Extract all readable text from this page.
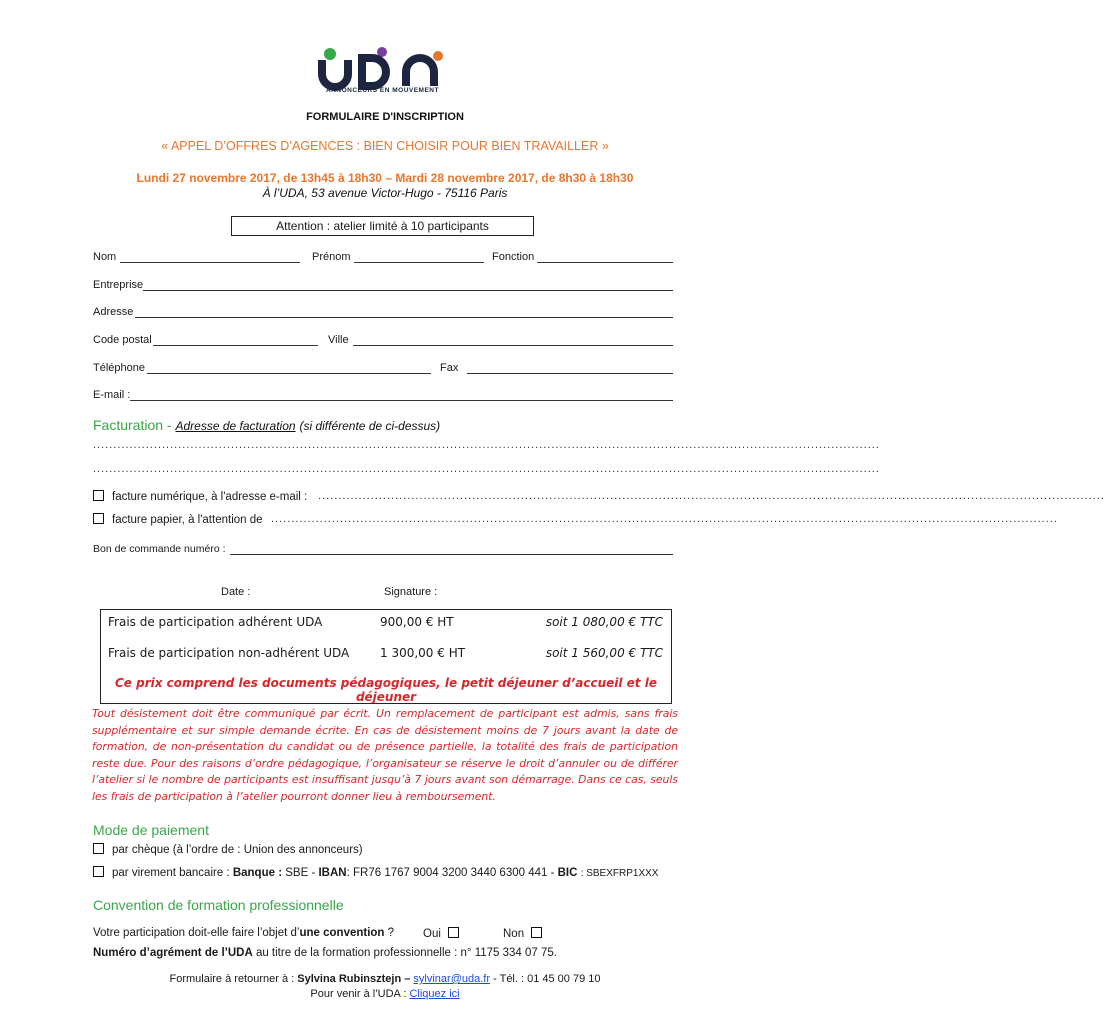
ANNONCEURS EN MOUVEMENT
FORMULAIRE D'INSCRIPTION
« APPEL D’OFFRES D’AGENCES : BIEN CHOISIR POUR BIEN TRAVAILLER »
Lundi 27 novembre 2017, de 13h45 à 18h30 – Mardi 28 novembre 2017, de 8h30 à 18h30
À l’UDA, 53 avenue Victor-Hugo - 75116 Paris
Attention : atelier limité à 10 participants
Nom	Prénom	Fonction
Entreprise
Adresse
Code postal	Ville
Téléphone	Fax
E-mail :
Facturation - Adresse de facturation (si différente de ci-dessus)
..................................................................................................................................................................................................
..................................................................................................................................................................................................
facture numérique, à l'adresse e-mail : ..................................................................................................................................................................................................
facture papier, à l'attention de ..................................................................................................................................................................................................
Bon de commande numéro :
Date :	Signature :
Frais de participation adhérent UDA	900,00 € HT	soit 1 080,00 € TTC
Frais de participation non-adhérent UDA	1 300,00 € HT	soit 1 560,00 € TTC
Ce prix comprend les documents pédagogiques, le petit déjeuner d’accueil et le déjeuner
Tout désistement doit être communiqué par écrit. Un remplacement de participant est admis, sans frais supplémentaire et sur simple demande écrite. En cas de désistement moins de 7 jours avant la date de formation, de non-présentation du candidat ou de présence partielle, la totalité des frais de participation reste due. Pour des raisons d’ordre pédagogique, l’organisateur se réserve le droit d’annuler ou de différer l’atelier si le nombre de participants est insuffisant jusqu’à 7 jours avant son démarrage. Dans ce cas, seuls les frais de participation à l’atelier pourront donner lieu à remboursement.
Mode de paiement
par chèque (à l’ordre de : Union des annonceurs)
par virement bancaire : Banque : SBE - IBAN: FR76 1767 9004 3200 3440 6300 441 - BIC : SBEXFRP1XXX
Convention de formation professionnelle
Votre participation doit-elle faire l’objet d’une convention ?	Oui	Non
Numéro d’agrément de l’UDA au titre de la formation professionnelle : n° 1175 334 07 75.
Formulaire à retourner à : Sylvina Rubinsztejn – sylvinar@uda.fr - Tél. : 01 45 00 79 10
Pour venir à l’UDA : Cliquez ici
